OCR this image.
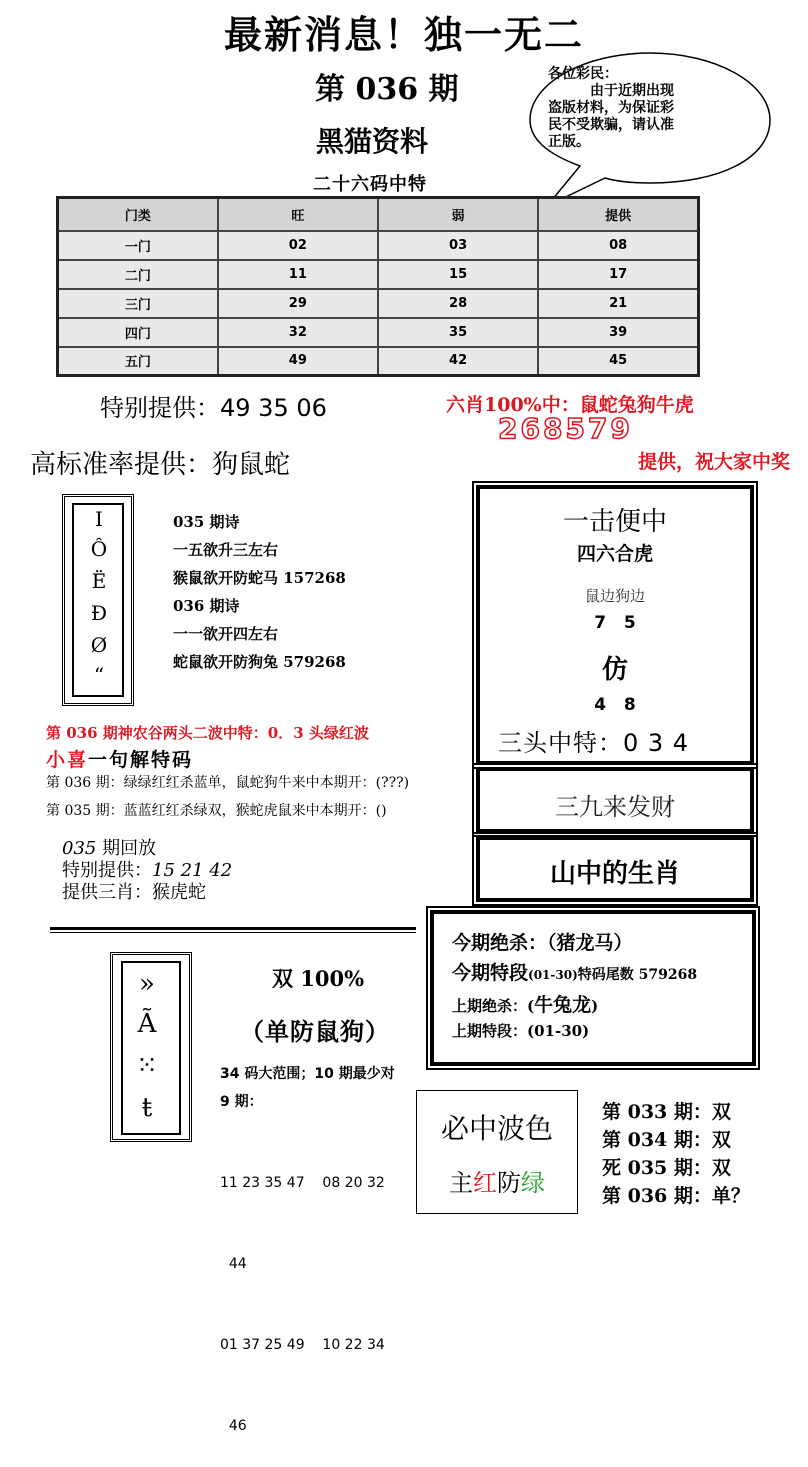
最新消息！独一无二
第 036 期
黑猫资料
二十六码中特
各位彩民：
由于近期出现
盗版材料，为保证彩
民不受欺骗，请认准
正版。
门类	旺	弱	提供
一门	02	03	08
二门	11	15	17
三门	29	28	21
四门	32	35	39
五门	49	42	45
特别提供：49 35 06	六肖100%中：鼠蛇兔狗牛虎
268579
高标准率提供：狗鼠蛇	提供，祝大家中奖
I
Ô
Ë
Đ
Ø
“
035 期诗
一五欲升三左右
猴鼠欲开防蛇马 157268
036 期诗
一一欲开四左右
蛇鼠欲开防狗兔 579268
第 036 期神农谷两头二波中特：0．3 头绿红波
小喜一句解特码
第 036 期：绿绿红红杀蓝单，鼠蛇狗牛来中本期开：(???)
第 035 期：蓝蓝红红杀绿双，猴蛇虎鼠来中本期开：()
035 期回放
特别提供：15 21 42
提供三肖：猴虎蛇
一击便中
四六合虎
鼠边狗边
7   5
仿
4   8
三头中特：0 3 4
三九来发财
山中的生肖
今期绝杀：（猪龙马）
今期特段(01-30)特码尾数 579268
上期绝杀：(牛兔龙)
上期特段：(01-30)
»
Ã
⁙
ŧ
双 100%
（单防鼠狗）
34 码大范围；10 期最少对
9 期：

11 23 35 47    08 20 32

44

01 37 25 49    10 22 34

46

必中波色
主红防绿
第 033 期：双
第 034 期：双
死 035 期：双
第 036 期：单？
